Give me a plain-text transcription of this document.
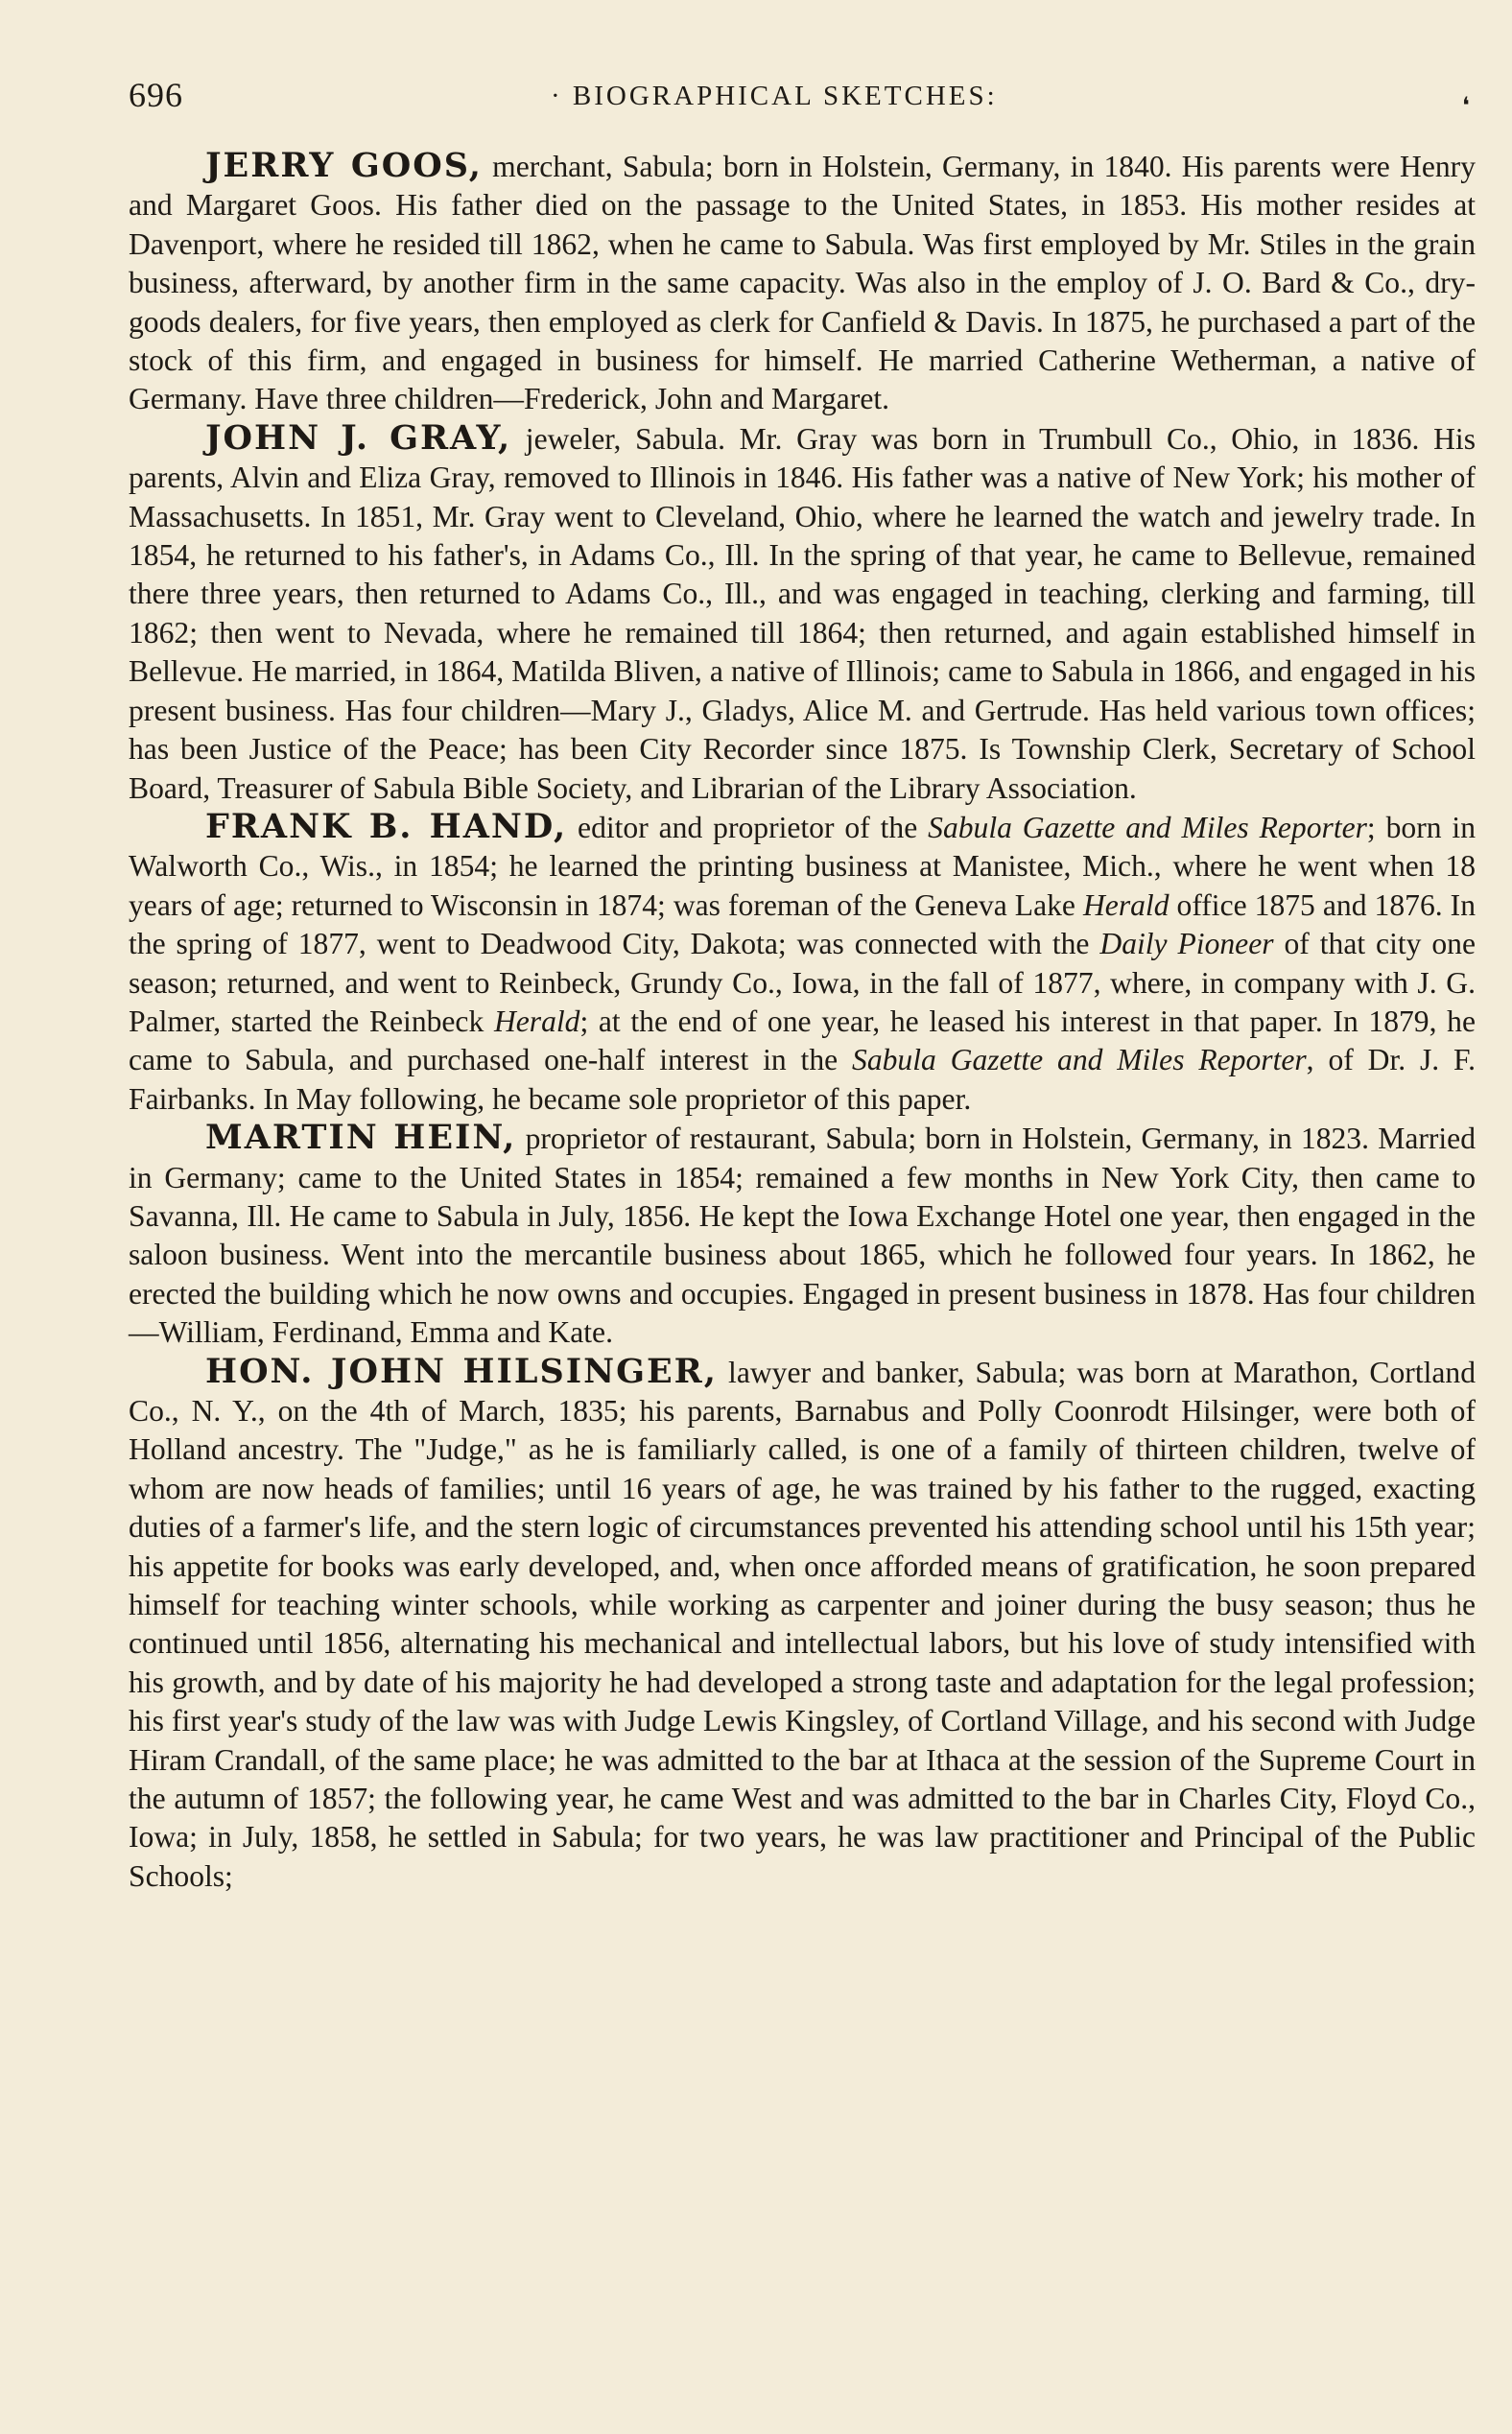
696	· BIOGRAPHICAL SKETCHES:	❛

JERRY GOOS, merchant, Sabula; born in Holstein, Germany, in 1840. His parents were Henry and Margaret Goos. His father died on the passage to the United States, in 1853. His mother resides at Davenport, where he resided till 1862, when he came to Sabula. Was first employed by Mr. Stiles in the grain business, afterward, by another firm in the same capacity. Was also in the employ of J. O. Bard & Co., dry-goods dealers, for five years, then employed as clerk for Canfield & Davis. In 1875, he purchased a part of the stock of this firm, and engaged in business for himself. He married Catherine Wetherman, a native of Germany. Have three children—Frederick, John and Margaret.

JOHN J. GRAY, jeweler, Sabula. Mr. Gray was born in Trumbull Co., Ohio, in 1836. His parents, Alvin and Eliza Gray, removed to Illinois in 1846. His father was a native of New York; his mother of Massachusetts. In 1851, Mr. Gray went to Cleveland, Ohio, where he learned the watch and jewelry trade. In 1854, he returned to his father's, in Adams Co., Ill. In the spring of that year, he came to Bellevue, remained there three years, then returned to Adams Co., Ill., and was engaged in teaching, clerking and farming, till 1862; then went to Nevada, where he remained till 1864; then returned, and again established himself in Bellevue. He married, in 1864, Matilda Bliven, a native of Illinois; came to Sabula in 1866, and engaged in his present business. Has four children—Mary J., Gladys, Alice M. and Gertrude. Has held various town offices; has been Justice of the Peace; has been City Recorder since 1875. Is Township Clerk, Secretary of School Board, Treasurer of Sabula Bible Society, and Librarian of the Library Association.

FRANK B. HAND, editor and proprietor of the Sabula Gazette and Miles Reporter; born in Walworth Co., Wis., in 1854; he learned the printing business at Manistee, Mich., where he went when 18 years of age; returned to Wisconsin in 1874; was foreman of the Geneva Lake Herald office 1875 and 1876. In the spring of 1877, went to Deadwood City, Dakota; was connected with the Daily Pioneer of that city one season; returned, and went to Reinbeck, Grundy Co., Iowa, in the fall of 1877, where, in company with J. G. Palmer, started the Reinbeck Herald; at the end of one year, he leased his interest in that paper. In 1879, he came to Sabula, and purchased one-half interest in the Sabula Gazette and Miles Reporter, of Dr. J. F. Fairbanks. In May following, he became sole proprietor of this paper.

MARTIN HEIN, proprietor of restaurant, Sabula; born in Holstein, Germany, in 1823. Married in Germany; came to the United States in 1854; remained a few months in New York City, then came to Savanna, Ill. He came to Sabula in July, 1856. He kept the Iowa Exchange Hotel one year, then engaged in the saloon business. Went into the mercantile business about 1865, which he followed four years. In 1862, he erected the building which he now owns and occupies. Engaged in present business in 1878. Has four children—William, Ferdinand, Emma and Kate.

HON. JOHN HILSINGER, lawyer and banker, Sabula; was born at Marathon, Cortland Co., N. Y., on the 4th of March, 1835; his parents, Barnabus and Polly Coonrodt Hilsinger, were both of Holland ancestry. The "Judge," as he is familiarly called, is one of a family of thirteen children, twelve of whom are now heads of families; until 16 years of age, he was trained by his father to the rugged, exacting duties of a farmer's life, and the stern logic of circumstances prevented his attending school until his 15th year; his appetite for books was early developed, and, when once afforded means of gratification, he soon prepared himself for teaching winter schools, while working as carpenter and joiner during the busy season; thus he continued until 1856, alternating his mechanical and intellectual labors, but his love of study intensified with his growth, and by date of his majority he had developed a strong taste and adaptation for the legal profession; his first year's study of the law was with Judge Lewis Kingsley, of Cortland Village, and his second with Judge Hiram Crandall, of the same place; he was admitted to the bar at Ithaca at the session of the Supreme Court in the autumn of 1857; the following year, he came West and was admitted to the bar in Charles City, Floyd Co., Iowa; in July, 1858, he settled in Sabula; for two years, he was law practitioner and Principal of the Public Schools;
